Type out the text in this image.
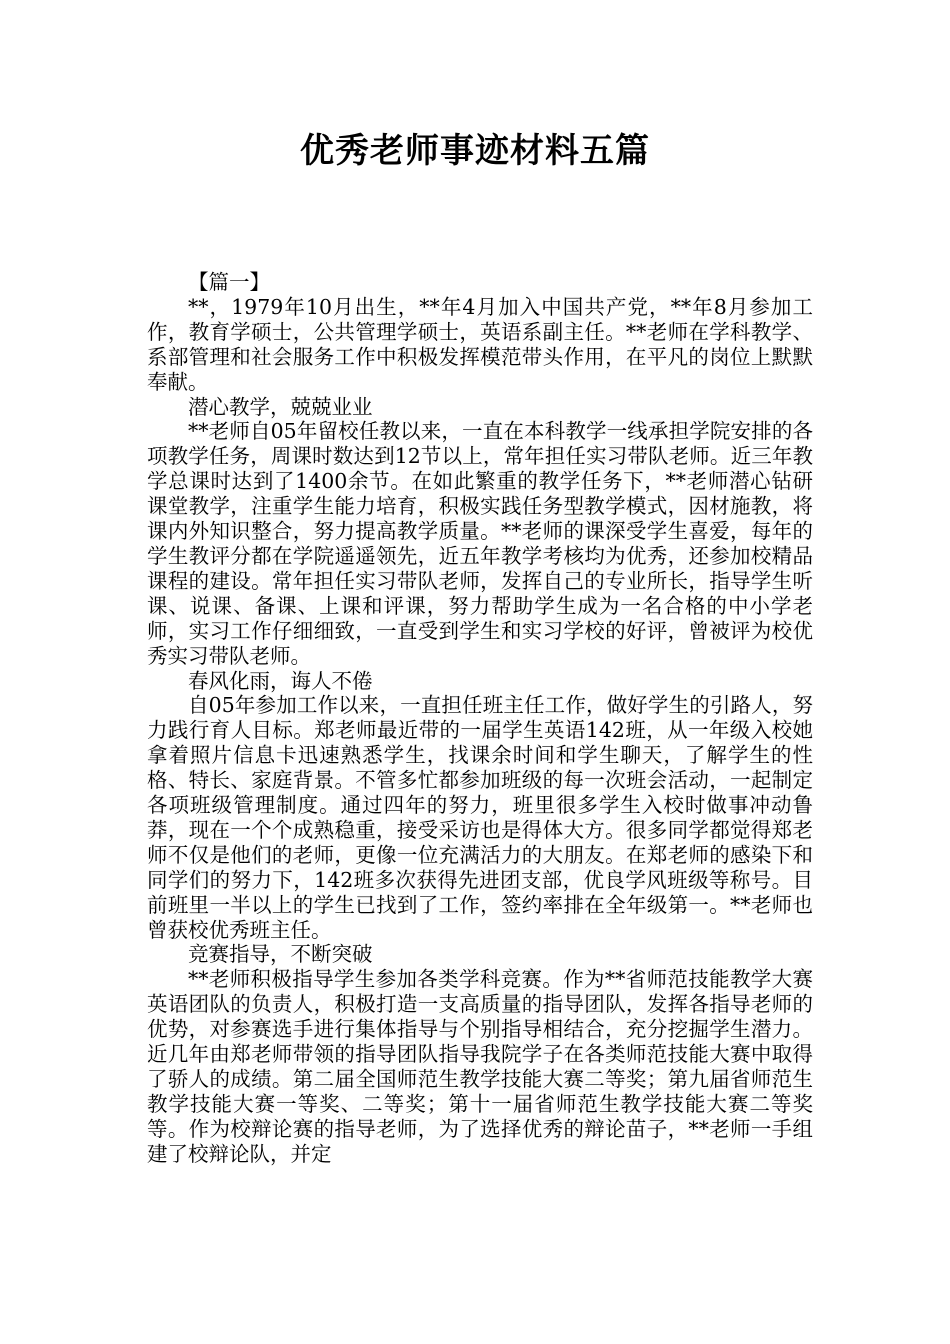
优秀老师事迹材料五篇

【篇一】

**，1979年10月出生，**年4月加入中国共产党，**年8月参加工作，教育学硕士，公共管理学硕士，英语系副主任。**老师在学科教学、系部管理和社会服务工作中积极发挥模范带头作用，在平凡的岗位上默默奉献。

潜心教学，兢兢业业

**老师自05年留校任教以来，一直在本科教学一线承担学院安排的各项教学任务，周课时数达到12节以上，常年担任实习带队老师。近三年教学总课时达到了1400余节。在如此繁重的教学任务下，**老师潜心钻研课堂教学，注重学生能力培育，积极实践任务型教学模式，因材施教，将课内外知识整合，努力提高教学质量。**老师的课深受学生喜爱，每年的学生教评分都在学院遥遥领先，近五年教学考核均为优秀，还参加校精品课程的建设。常年担任实习带队老师，发挥自己的专业所长，指导学生听课、说课、备课、上课和评课，努力帮助学生成为一名合格的中小学老师，实习工作仔细细致，一直受到学生和实习学校的好评，曾被评为校优秀实习带队老师。

春风化雨，诲人不倦

自05年参加工作以来，一直担任班主任工作，做好学生的引路人，努力践行育人目标。郑老师最近带的一届学生英语142班，从一年级入校她拿着照片信息卡迅速熟悉学生，找课余时间和学生聊天，了解学生的性格、特长、家庭背景。不管多忙都参加班级的每一次班会活动，一起制定各项班级管理制度。通过四年的努力，班里很多学生入校时做事冲动鲁莽，现在一个个成熟稳重，接受采访也是得体大方。很多同学都觉得郑老师不仅是他们的老师，更像一位充满活力的大朋友。在郑老师的感染下和同学们的努力下，142班多次获得先进团支部，优良学风班级等称号。目前班里一半以上的学生已找到了工作，签约率排在全年级第一。**老师也曾获校优秀班主任。

竞赛指导，不断突破

**老师积极指导学生参加各类学科竞赛。作为**省师范技能教学大赛英语团队的负责人，积极打造一支高质量的指导团队，发挥各指导老师的优势，对参赛选手进行集体指导与个别指导相结合，充分挖掘学生潜力。近几年由郑老师带领的指导团队指导我院学子在各类师范技能大赛中取得了骄人的成绩。第二届全国师范生教学技能大赛二等奖；第九届省师范生教学技能大赛一等奖、二等奖；第十一届省师范生教学技能大赛二等奖等。作为校辩论赛的指导老师，为了选择优秀的辩论苗子，**老师一手组建了校辩论队，并定
